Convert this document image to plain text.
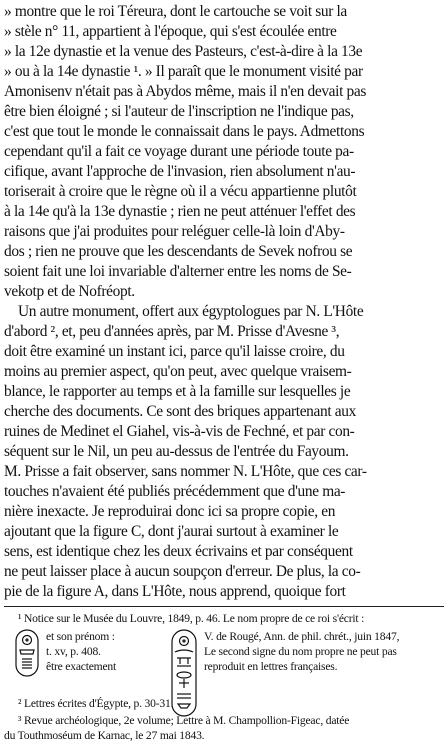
» montre que le roi Téreura, dont le cartouche se voit sur la
» stèle n° 11, appartient à l'époque, qui s'est écoulée entre
» la 12e dynastie et la venue des Pasteurs, c'est-à-dire à la 13e
» ou à la 14e dynastie ¹. » Il paraît que le monument visité par
Amonisenv n'était pas à Abydos même, mais il n'en devait pas
être bien éloigné ; si l'auteur de l'inscription ne l'indique pas,
c'est que tout le monde le connaissait dans le pays. Admettons
cependant qu'il a fait ce voyage durant une période toute pa-
cifique, avant l'approche de l'invasion, rien absolument n'au-
toriserait à croire que le règne où il a vécu appartienne plutôt
à la 14e qu'à la 13e dynastie ; rien ne peut atténuer l'effet des
raisons que j'ai produites pour reléguer celle-là loin d'Aby-
dos ; rien ne prouve que les descendants de Sevek nofrou se
soient fait une loi invariable d'alterner entre les noms de Se-
vekotp et de Nofréopt.
Un autre monument, offert aux égyptologues par N. L'Hôte
d'abord ², et, peu d'années après, par M. Prisse d'Avesne ³,
doit être examiné un instant ici, parce qu'il laisse croire, du
moins au premier aspect, qu'on peut, avec quelque vraisem-
blance, le rapporter au temps et à la famille sur lesquelles je
cherche des documents. Ce sont des briques appartenant aux
ruines de Medinet el Giahel, vis-à-vis de Fechné, et par con-
séquent sur le Nil, un peu au-dessus de l'entrée du Fayoum.
M. Prisse a fait observer, sans nommer N. L'Hôte, que ces car-
touches n'avaient été publiés précédemment que d'une ma-
nière inexacte. Je reproduirai donc ici sa propre copie, en
ajoutant que la figure C, dont j'aurai surtout à examiner le
sens, est identique chez les deux écrivains et par conséquent
ne peut laisser place à aucun soupçon d'erreur. De plus, la co-
pie de la figure A, dans L'Hôte, nous apprend, quoique fort
¹ Notice sur le Musée du Louvre, 1849, p. 46. Le nom propre de ce roi s'écrit :
et son prénom :
t. xv, p. 408.
être exactement
V. de Rougé, Ann. de phil. chrét., juin 1847,
Le second signe du nom propre ne peut pas
reproduit en lettres françaises.
² Lettres écrites d'Égypte, p. 30-31.
³ Revue archéologique, 2e volume; Lettre à M. Champollion-Figeac, datée
du Touthmoséum de Karnac, le 27 mai 1843.
